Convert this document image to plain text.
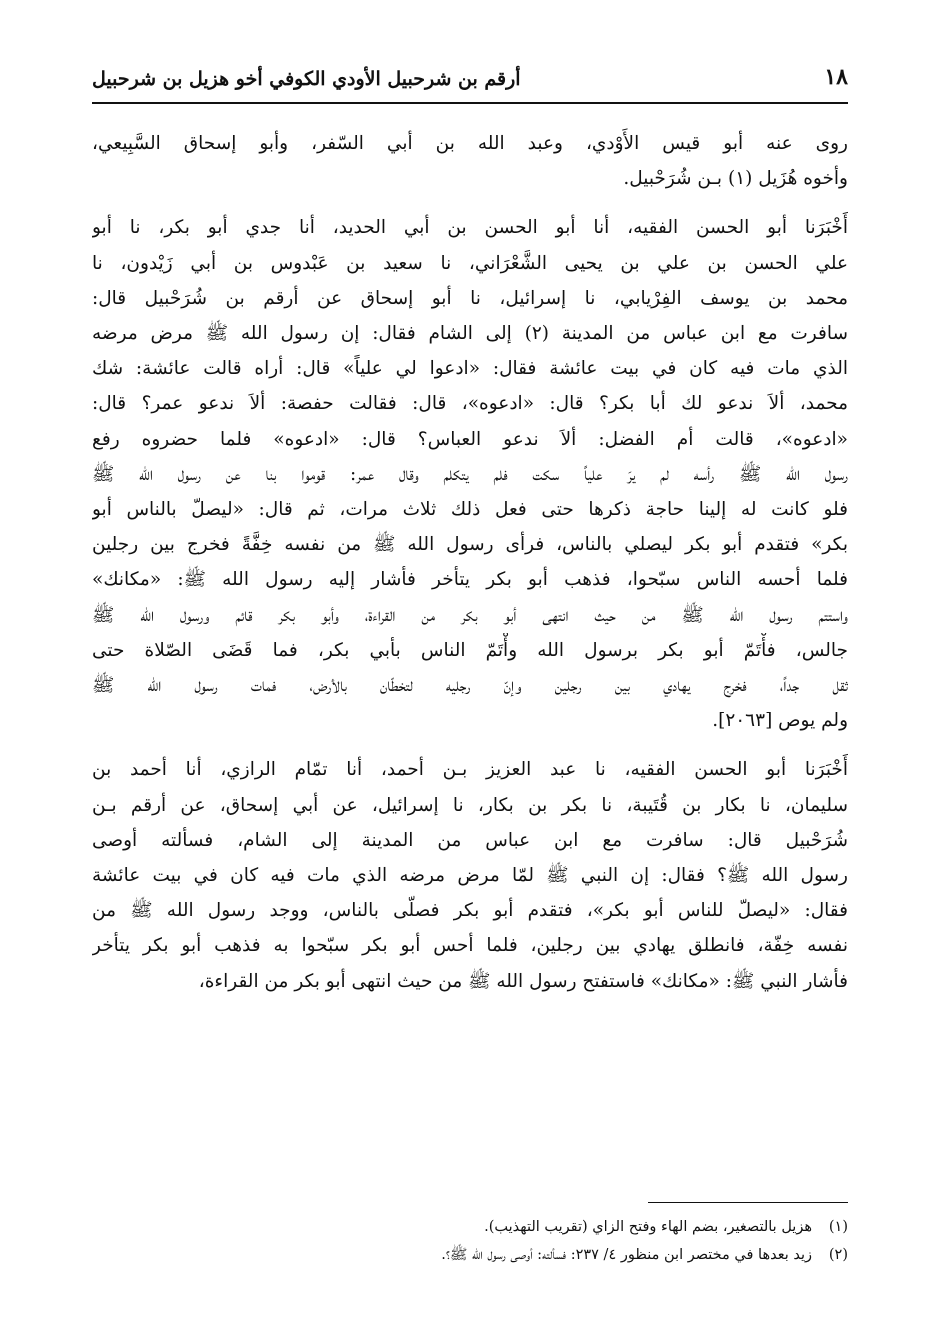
١٨
أرقم بن شرحبيل الأودي الكوفي أخو هزيل بن شرحبيل
روى عنه أبو قيس الأَوْدي، وعبد الله بن أبي السّفر، وأبو إسحاق السَّبِيعي،
وأخوه هُزَيل (١) بـن شُرَحْبيل.
أَخْبَرَنا أبو الحسن الفقيه، أنا أبو الحسن بن أبي الحديد، أنا جدي أبو بكر، نا أبو
علي الحسن بن علي بن يحيى الشَّعْرَاني، نا سعيد بن عَبْدوس بن أبي زَيْدون، نا
محمد بن يوسف الفِرْيابي، نا إسرائيل، نا أبو إسحاق عن أرقم بن شُرَحْبيل قال:
سافرت مع ابن عباس من المدينة (٢) إلى الشام فقال: إن رسول الله ﷺ مرض مرضه
الذي مات فيه كان في بيت عائشة فقال: «ادعوا لي علياً» قال: أراه قالت عائشة: شك
محمد، ألاَ ندعو لك أبا بكر؟ قال: «ادعوه»، قال: فقالت حفصة: ألاَ ندعو عمر؟ قال:
«ادعوه»، قالت أم الفضل: ألاَ ندعو العباس؟ قال: «ادعوه» فلما حضروه رفع
رسول الله ﷺ رأسه لم يرَ علياً سكت فلم يتكلم وقال عمر: قوموا بنا عن رسول الله ﷺ
فلو كانت له إلينا حاجة ذكرها حتى فعل ذلك ثلاث مرات، ثم قال: «ليصلّ بالناس أبو
بكر» فتقدم أبو بكر ليصلي بالناس، فرأى رسول الله ﷺ من نفسه خِفَّةً فخرج بين رجلين
فلما أحسه الناس سبّحوا، فذهب أبو بكر يتأخر فأشار إليه رسول الله ﷺ: «مكانك»
واستتم رسول الله ﷺ من حيث انتهى أبو بكر من القراءة، وأبو بكر قائم ورسول الله ﷺ
جالس، فأْتَمّ أبو بكر برسول الله وأْتَمّ الناس بأبي بكر، فما قَضَى الصّلاة حتى
ثقل جداً، فخرج يهادي بين رجلين وإنّ رجليه لتخطّان بالأرض، فمات رسول الله ﷺ
ولم يوص [٢٠٦٣].
أَخْبَرَنا أبو الحسن الفقيه، نا عبد العزيز بـن أحمد، أنا تمّام الرازي، أنا أحمد بن
سليمان، نا بكار بن قُتَيبة، نا بكر بن بكار، نا إسرائيل، عن أبي إسحاق، عن أرقم بـن
شُرَحْبيل قال: سافرت مع ابن عباس من المدينة إلى الشام، فسألته أوصى
رسول الله ﷺ؟ فقال: إن النبي ﷺ لمّا مرض مرضه الذي مات فيه كان في بيت عائشة
فقال: «ليصلّ للناس أبو بكر»، فتقدم أبو بكر فصلّى بالناس، ووجد رسول الله ﷺ من
نفسه خِفّة، فانطلق يهادي بين رجلين، فلما أحس أبو بكر سبّحوا به فذهب أبو بكر يتأخر
فأشار النبي ﷺ: «مكانك» فاستفتح رسول الله ﷺ من حيث انتهى أبو بكر من القراءة،
(١)هزيل بالتصغير، بضم الهاء وفتح الزاي (تقريب التهذيب).
(٢)زيد بعدها في مختصر ابن منظور ٤/ ٢٣٧: فسألته: أوصى رسول الله ﷺ؟.
